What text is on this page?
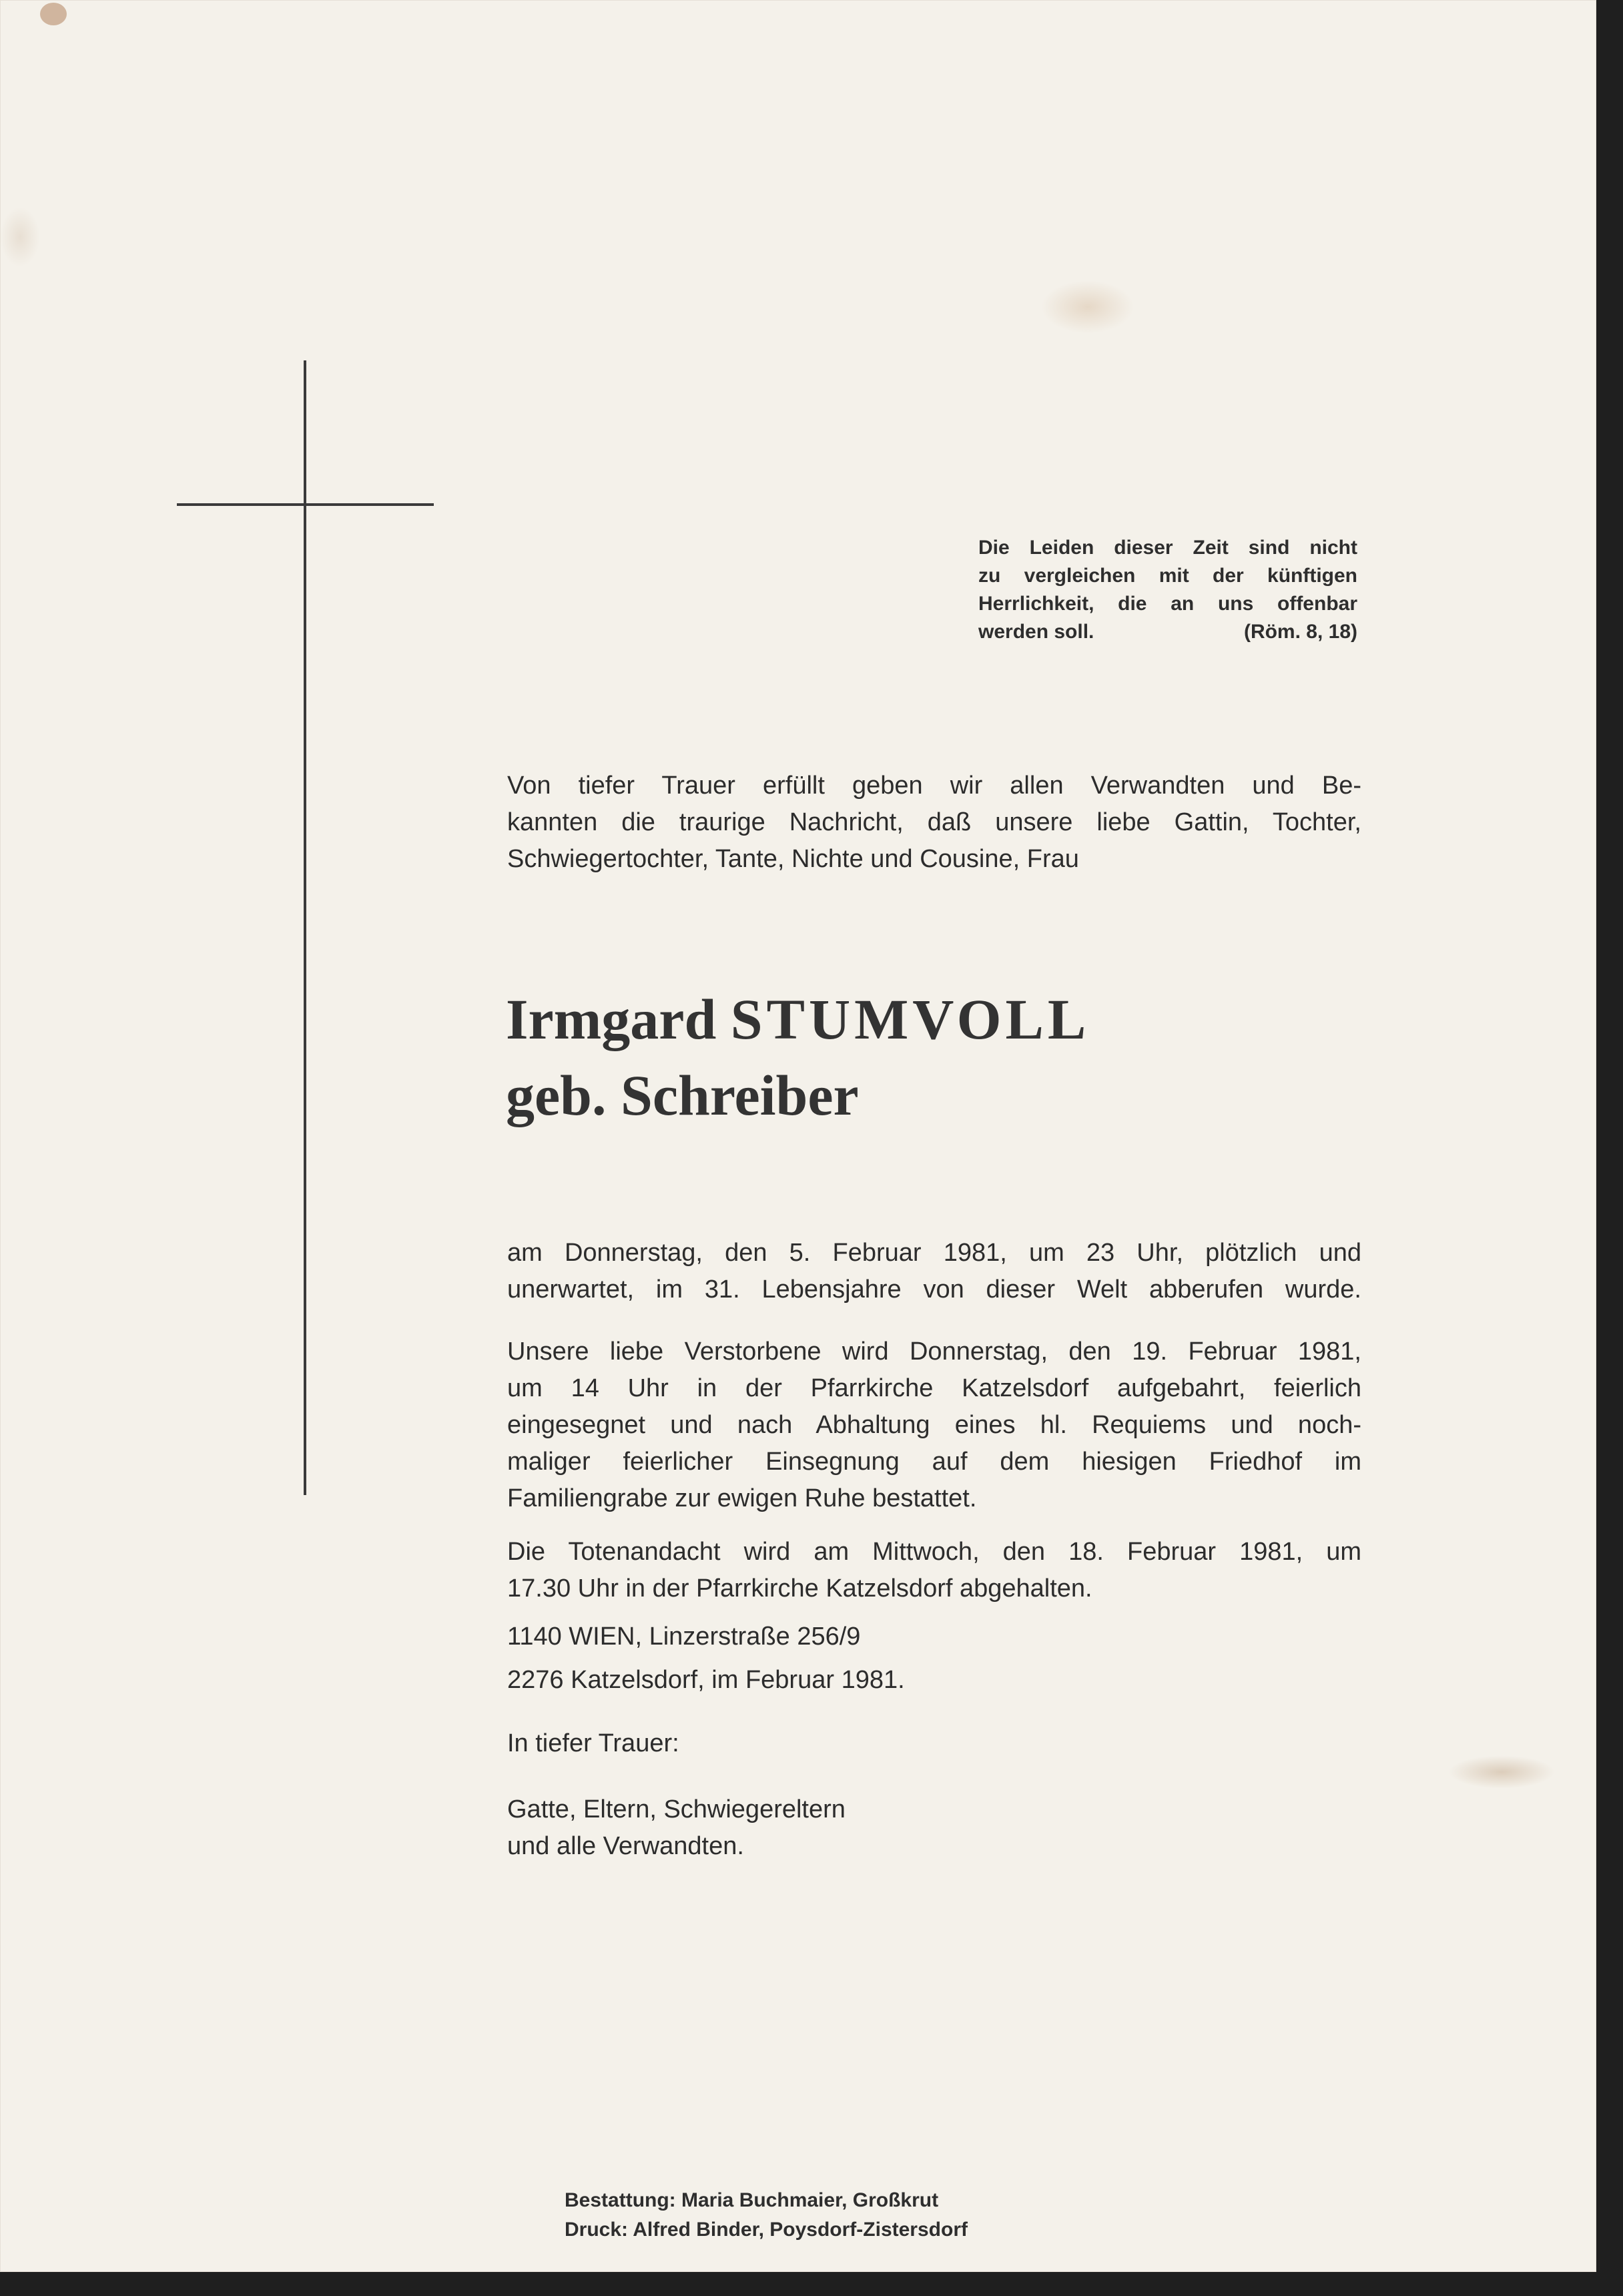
Die Leiden dieser Zeit sind nicht
zu vergleichen mit der künftigen
Herrlichkeit, die an uns offenbar
werden soll.	(Röm. 8, 18)
Von tiefer Trauer erfüllt geben wir allen Verwandten und Be-
kannten die traurige Nachricht, daß unsere liebe Gattin, Tochter,
Schwiegertochter, Tante, Nichte und Cousine, Frau
Irmgard STUMVOLL
geb. Schreiber
am Donnerstag, den 5. Februar 1981, um 23 Uhr, plötzlich und
unerwartet, im 31. Lebensjahre von dieser Welt abberufen wurde.
Unsere liebe Verstorbene wird Donnerstag, den 19. Februar 1981,
um 14 Uhr in der Pfarrkirche Katzelsdorf aufgebahrt, feierlich
eingesegnet und nach Abhaltung eines hl. Requiems und noch-
maliger feierlicher Einsegnung auf dem hiesigen Friedhof im
Familiengrabe zur ewigen Ruhe bestattet.
Die Totenandacht wird am Mittwoch, den 18. Februar 1981, um
17.30 Uhr in der Pfarrkirche Katzelsdorf abgehalten.
1140 WIEN, Linzerstraße 256/9
2276 Katzelsdorf, im Februar 1981.
In tiefer Trauer:
Gatte, Eltern, Schwiegereltern
und alle Verwandten.
Bestattung: Maria Buchmaier, Großkrut
Druck: Alfred Binder, Poysdorf-Zistersdorf
